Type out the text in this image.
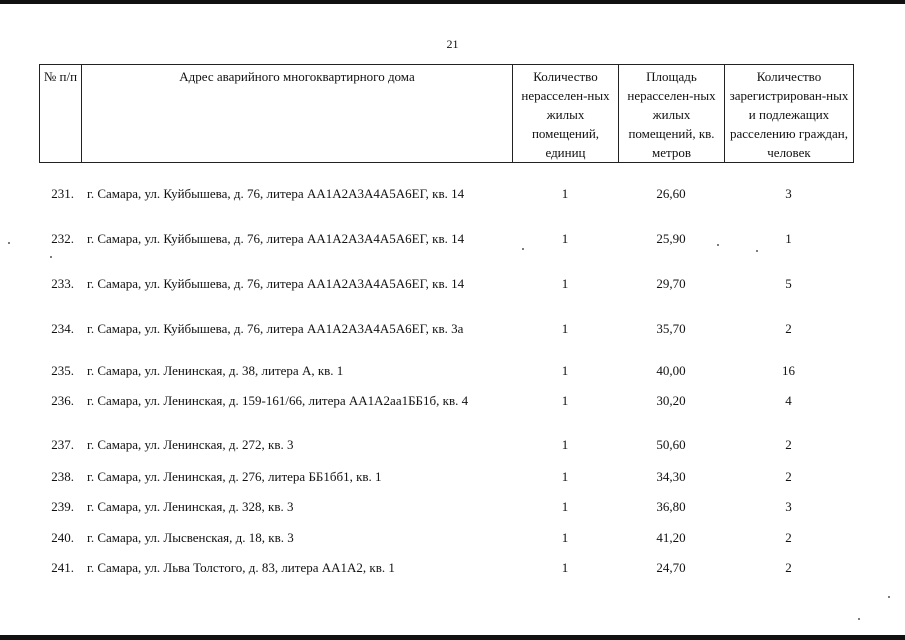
21
№ п/п	Адрес аварийного многоквартирного дома	Количество нерасселен-ных жилых помещений, единиц	Площадь нерасселен-ных жилых помещений, кв. метров	Количество зарегистрирован-ных и подлежащих расселению граждан, человек
231. г. Самара, ул. Куйбышева, д. 76, литера АА1А2А3А4А5А6ЕГ, кв. 14	1	26,60	3
232. г. Самара, ул. Куйбышева, д. 76, литера АА1А2А3А4А5А6ЕГ, кв. 14	1	25,90	1
233. г. Самара, ул. Куйбышева, д. 76, литера АА1А2А3А4А5А6ЕГ, кв. 14	1	29,70	5
234. г. Самара, ул. Куйбышева, д. 76, литера АА1А2А3А4А5А6ЕГ, кв. 3а	1	35,70	2
235. г. Самара, ул. Ленинская, д. 38, литера А, кв. 1	1	40,00	16
236. г. Самара, ул. Ленинская, д. 159-161/66, литера АА1А2аа1ББ1б, кв. 4	1	30,20	4
237. г. Самара, ул. Ленинская, д. 272, кв. 3	1	50,60	2
238. г. Самара, ул. Ленинская, д. 276, литера ББ1бб1, кв. 1	1	34,30	2
239. г. Самара, ул. Ленинская, д. 328, кв. 3	1	36,80	3
240. г. Самара, ул. Лысвенская, д. 18, кв. 3	1	41,20	2
241. г. Самара, ул. Льва Толстого, д. 83, литера АА1А2, кв. 1	1	24,70	2
